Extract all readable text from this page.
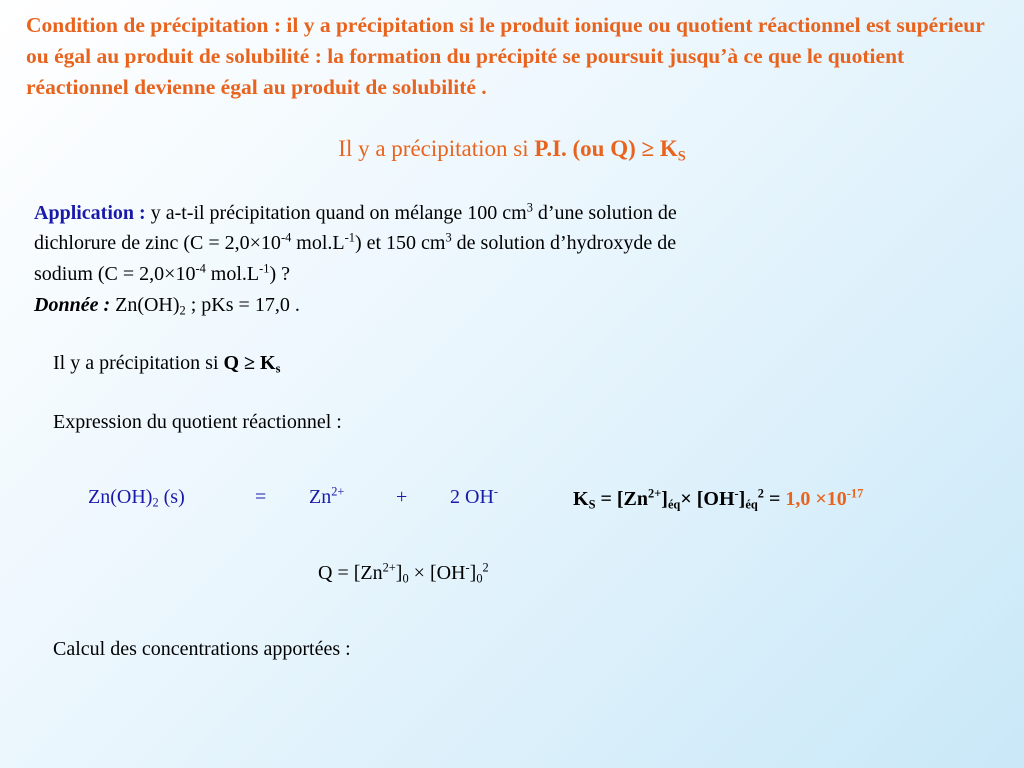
Condition de précipitation : il y a précipitation si le produit ionique ou quotient réactionnel est supérieur ou égal au produit de solubilité : la formation du précipité se poursuit jusqu’à ce que le quotient réactionnel devienne égal au produit de solubilité .
Il y a précipitation si P.I. (ou $Q) \ge K_S$
Application : y a-t-il précipitation quand on mélange 100 $cm^3$ d’une solution de
dichlorure de zinc ($C = 2,0\times 10^{-4}$ $mol.L^{-1}$) et 150 $cm^3$ de solution d’hydroxyde de
sodium ($C = 2,0\times 10^{-4}$ $mol.L^{-1}$) ?
Donnée : $Zn(OH)_2$ ; pKs = 17,0 .
Il y a précipitation si $Q \ge K_s$
Expression du quotient réactionnel :
$Zn(OH)_2$ (s)	= $Zn^{2+}$	+ 2 OH-	$K_S = [Zn^{2+}]_{éq}\times [OH^-]_{éq}^2 = 1,0 \times 10^{-17}$
$Q = [Zn^{2+}]_0 \times [OH^-]_0^2$
Calcul des concentrations apportées :
